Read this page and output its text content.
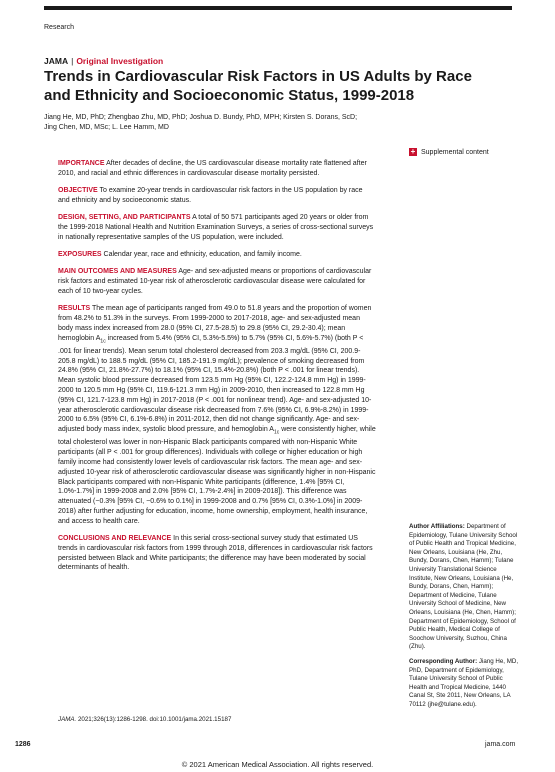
Research
JAMA | Original Investigation
Trends in Cardiovascular Risk Factors in US Adults by Race and Ethnicity and Socioeconomic Status, 1999-2018
Jiang He, MD, PhD; Zhengbao Zhu, MD, PhD; Joshua D. Bundy, PhD, MPH; Kirsten S. Dorans, ScD; Jing Chen, MD, MSc; L. Lee Hamm, MD
+ Supplemental content

IMPORTANCE After decades of decline, the US cardiovascular disease mortality rate flattened after 2010, and racial and ethnic differences in cardiovascular disease mortality persisted.

OBJECTIVE To examine 20-year trends in cardiovascular risk factors in the US population by race and ethnicity and by socioeconomic status.

DESIGN, SETTING, AND PARTICIPANTS A total of 50 571 participants aged 20 years or older from the 1999-2018 National Health and Nutrition Examination Surveys, a series of cross-sectional surveys in nationally representative samples of the US population, were included.

EXPOSURES Calendar year, race and ethnicity, education, and family income.

MAIN OUTCOMES AND MEASURES Age- and sex-adjusted means or proportions of cardiovascular risk factors and estimated 10-year risk of atherosclerotic cardiovascular disease were calculated for each of 10 two-year cycles.

RESULTS The mean age of participants ranged from 49.0 to 51.8 years and the proportion of women from 48.2% to 51.3% in the surveys. From 1999-2000 to 2017-2018, age- and sex-adjusted mean body mass index increased from 28.0 (95% CI, 27.5-28.5) to 29.8 (95% CI, 29.2-30.4); mean hemoglobin $A_{1c}$ increased from 5.4% (95% CI, 5.3%-5.5%) to 5.7% (95% CI, 5.6%-5.7%) (both P < .001 for linear trends). Mean serum total cholesterol decreased from 203.3 mg/dL (95% CI, 200.9-205.8 mg/dL) to 188.5 mg/dL (95% CI, 185.2-191.9 mg/dL); prevalence of smoking decreased from 24.8% (95% CI, 21.8%-27.7%) to 18.1% (95% CI, 15.4%-20.8%) (both P < .001 for linear trends). Mean systolic blood pressure decreased from 123.5 mm Hg (95% CI, 122.2-124.8 mm Hg) in 1999-2000 to 120.5 mm Hg (95% CI, 119.6-121.3 mm Hg) in 2009-2010, then increased to 122.8 mm Hg (95% CI, 121.7-123.8 mm Hg) in 2017-2018 (P < .001 for nonlinear trend). Age- and sex-adjusted 10-year atherosclerotic cardiovascular disease risk decreased from 7.6% (95% CI, 6.9%-8.2%) in 1999-2000 to 6.5% (95% CI, 6.1%-6.8%) in 2011-2012, then did not change significantly. Age- and sex-adjusted body mass index, systolic blood pressure, and hemoglobin $A_{1c}$ were consistently higher, while total cholesterol was lower in non-Hispanic Black participants compared with non-Hispanic White participants (all P < .001 for group differences). Individuals with college or higher education or high family income had consistently lower levels of cardiovascular risk factors. The mean age- and sex-adjusted 10-year risk of atherosclerotic cardiovascular disease was significantly higher in non-Hispanic Black participants compared with non-Hispanic White participants (difference, 1.4% [95% CI, 1.0%-1.7%] in 1999-2008 and 2.0% [95% CI, 1.7%-2.4%] in 2009-2018]). This difference was attenuated (−0.3% [95% CI, −0.6% to 0.1%] in 1999-2008 and 0.7% [95% CI, 0.3%-1.0%] in 2009-2018) after further adjusting for education, income, home ownership, employment, health insurance, and access to health care.

CONCLUSIONS AND RELEVANCE In this serial cross-sectional survey study that estimated US trends in cardiovascular risk factors from 1999 through 2018, differences in cardiovascular risk factors persisted between Black and White participants; the difference may have been moderated by social determinants of health.

JAMA. 2021;326(13):1286-1298. doi:10.1001/jama.2021.15187

Author Affiliations: Department of Epidemiology, Tulane University School of Public Health and Tropical Medicine, New Orleans, Louisiana (He, Zhu, Bundy, Dorans, Chen, Hamm); Tulane University Translational Science Institute, New Orleans, Louisiana (He, Bundy, Dorans, Chen, Hamm); Department of Medicine, Tulane University School of Medicine, New Orleans, Louisiana (He, Chen, Hamm); Department of Epidemiology, School of Public Health, Medical College of Soochow University, Suzhou, China (Zhu).

Corresponding Author: Jiang He, MD, PhD, Department of Epidemiology, Tulane University School of Public Health and Tropical Medicine, 1440 Canal St, Ste 2011, New Orleans, LA 70112 (jhe@tulane.edu).

1286	jama.com
© 2021 American Medical Association. All rights reserved.
